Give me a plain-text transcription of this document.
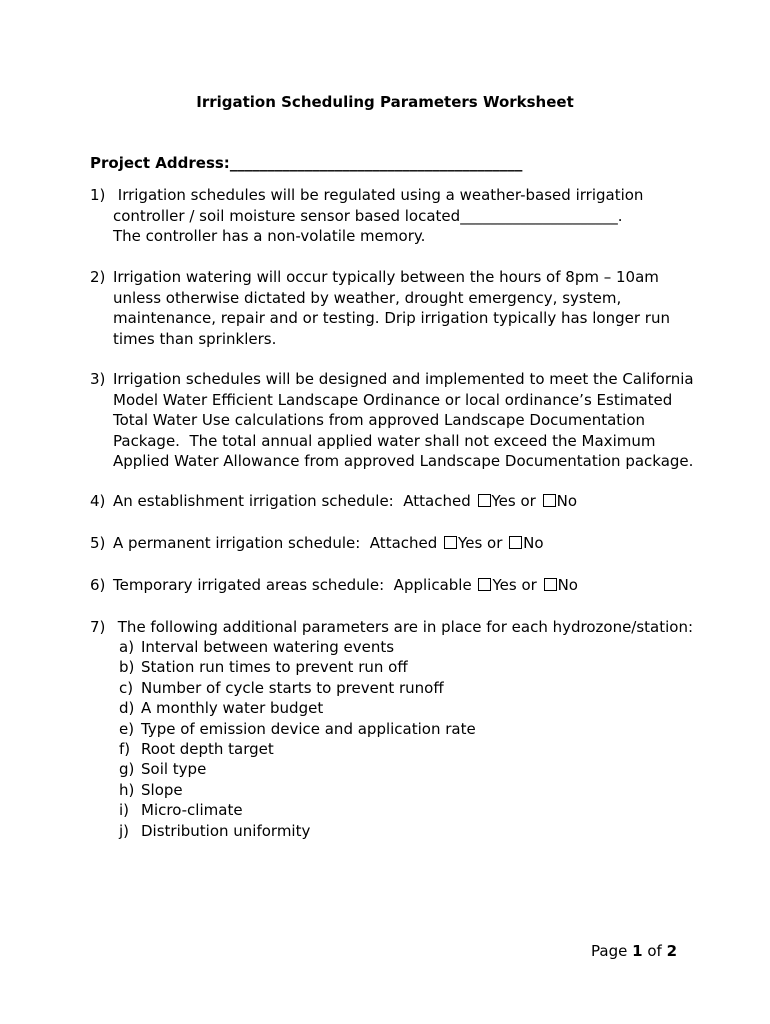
Irrigation Scheduling Parameters Worksheet

Project Address:_______________________________________

1) Irrigation schedules will be regulated using a weather-based irrigation
controller / soil moisture sensor based located_____________________.
The controller has a non-volatile memory.
2) Irrigation watering will occur typically between the hours of 8pm – 10am
unless otherwise dictated by weather, drought emergency, system,
maintenance, repair and or testing. Drip irrigation typically has longer run
times than sprinklers.
3) Irrigation schedules will be designed and implemented to meet the California
Model Water Efficient Landscape Ordinance or local ordinance’s Estimated
Total Water Use calculations from approved Landscape Documentation
Package.  The total annual applied water shall not exceed the Maximum
Applied Water Allowance from approved Landscape Documentation package.
4) An establishment irrigation schedule:  Attached Yes or No
5) A permanent irrigation schedule:  Attached Yes or No
6) Temporary irrigated areas schedule:  Applicable Yes or No
7) The following additional parameters are in place for each hydrozone/station:
a) Interval between watering events
b) Station run times to prevent run off
c) Number of cycle starts to prevent runoff
d) A monthly water budget
e) Type of emission device and application rate
f) Root depth target
g) Soil type
h) Slope
i) Micro-climate
j) Distribution uniformity
Page 1 of 2
